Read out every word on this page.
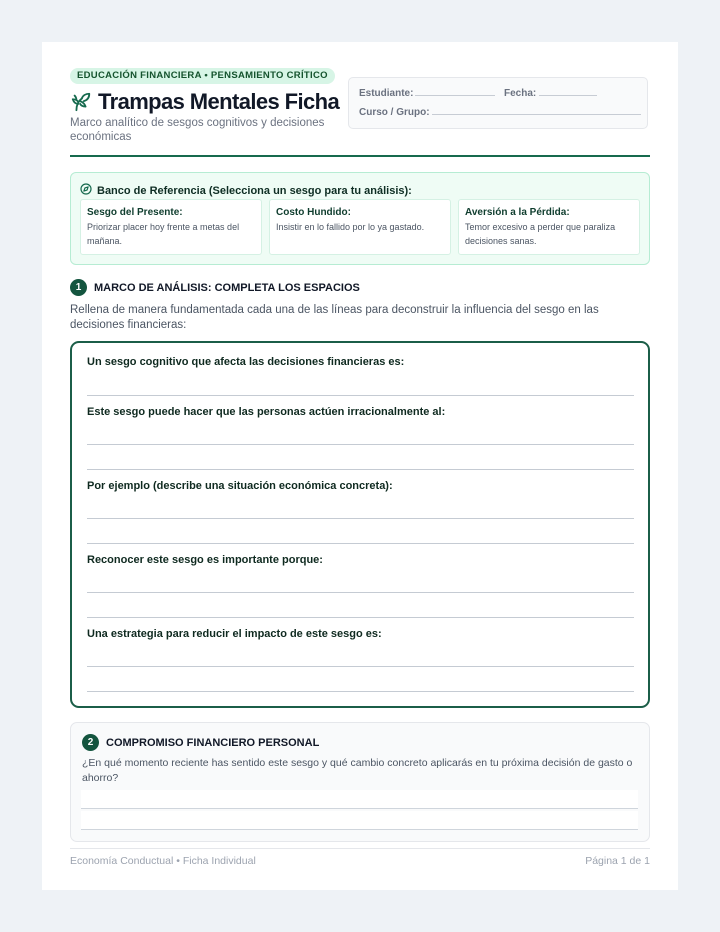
EDUCACIÓN FINANCIERA • PENSAMIENTO CRÍTICO
Trampas Mentales Ficha
Marco analítico de sesgos cognitivos y decisiones económicas
Estudiante:	Fecha:
Curso / Grupo:
Banco de Referencia (Selecciona un sesgo para tu análisis):
Sesgo del Presente:
Priorizar placer hoy frente a metas del mañana.
Costo Hundido:
Insistir en lo fallido por lo ya gastado.
Aversión a la Pérdida:
Temor excesivo a perder que paraliza decisiones sanas.
1	MARCO DE ANÁLISIS: COMPLETA LOS ESPACIOS
Rellena de manera fundamentada cada una de las líneas para deconstruir la influencia del sesgo en las decisiones financieras:
Un sesgo cognitivo que afecta las decisiones financieras es:
Este sesgo puede hacer que las personas actúen irracionalmente al:
Por ejemplo (describe una situación económica concreta):
Reconocer este sesgo es importante porque:
Una estrategia para reducir el impacto de este sesgo es:
2	COMPROMISO FINANCIERO PERSONAL
¿En qué momento reciente has sentido este sesgo y qué cambio concreto aplicarás en tu próxima decisión de gasto o ahorro?
Economía Conductual • Ficha Individual	Página 1 de 1
